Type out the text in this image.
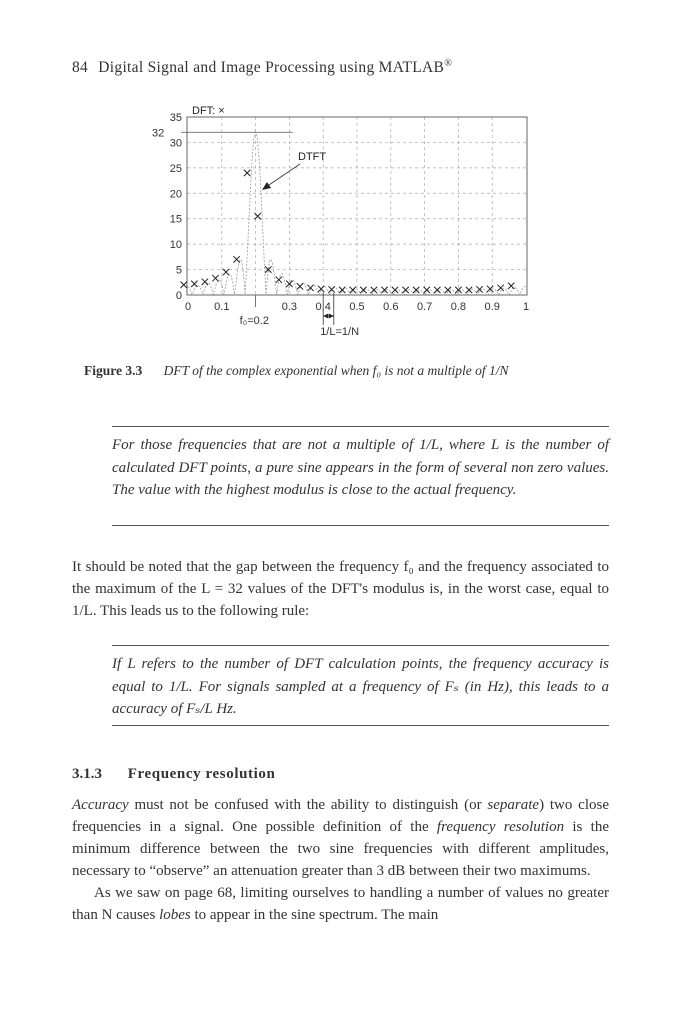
84 Digital Signal and Image Processing using MATLAB®
0
5
10
15
20
25
30
35
0 0.1	0.3 0.4 0.5 0.6 0.7 0.8 0.9 1
DFT: ×
32
f₀=0.2
DTFT
1/L=1/N
Figure 3.3 DFT of the complex exponential when f₀ is not a multiple of 1/N
For those frequencies that are not a multiple of 1/L, where L is the number of calculated DFT points, a pure sine appears in the form of several non zero values. The value with the highest modulus is close to the actual frequency.
It should be noted that the gap between the frequency f₀ and the frequency associated to the maximum of the L = 32 values of the DFT's modulus is, in the worst case, equal to 1/L. This leads us to the following rule:
If L refers to the number of DFT calculation points, the frequency accuracy is equal to 1/L. For signals sampled at a frequency of Fₛ (in Hz), this leads to a accuracy of Fₛ/L Hz.
3.1.3 Frequency resolution

Accuracy must not be confused with the ability to distinguish (or separate) two close frequencies in a signal. One possible definition of the frequency resolution is the minimum difference between the two sine frequencies with different amplitudes, necessary to “observe” an attenuation greater than 3 dB between their two maximums.

As we saw on page 68, limiting ourselves to handling a number of values no greater than N causes lobes to appear in the sine spectrum. The main
